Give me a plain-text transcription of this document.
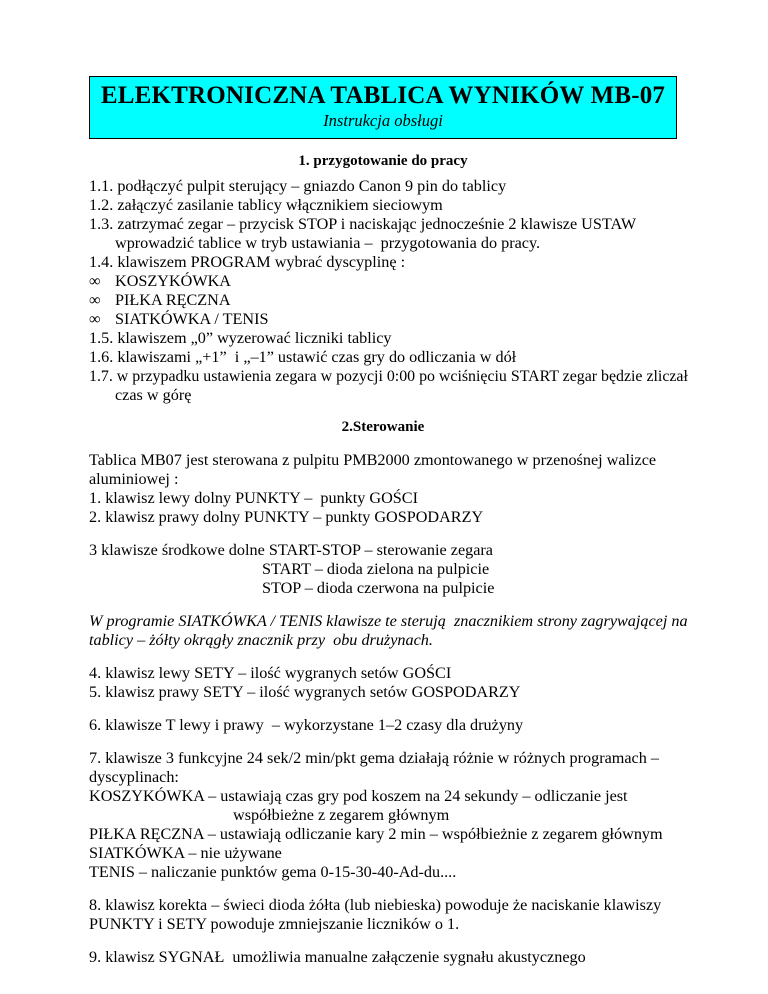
ELEKTRONICZNA TABLICA WYNIKÓW MB-07
Instrukcja obsługi
1. przygotowanie do pracy
1.1. podłączyć pulpit sterujący – gniazdo Canon 9 pin do tablicy
1.2. załączyć zasilanie tablicy włącznikiem sieciowym
1.3. zatrzymać zegar – przycisk STOP i naciskając jednocześnie 2 klawisze USTAW
wprowadzić tablice w tryb ustawiania –  przygotowania do pracy.
1.4. klawiszem PROGRAM wybrać dyscyplinę :
∞ KOSZYKÓWKA
∞ PIŁKA RĘCZNA
∞ SIATKÓWKA / TENIS
1.5. klawiszem „0” wyzerować liczniki tablicy
1.6. klawiszami „+1”  i „–1” ustawić czas gry do odliczania w dół
1.7. w przypadku ustawienia zegara w pozycji 0:00 po wciśnięciu START zegar będzie zliczał
czas w górę
2.Sterowanie
Tablica MB07 jest sterowana z pulpitu PMB2000 zmontowanego w przenośnej walizce
aluminiowej :
1. klawisz lewy dolny PUNKTY –  punkty GOŚCI
2. klawisz prawy dolny PUNKTY – punkty GOSPODARZY
3 klawisze środkowe dolne START-STOP – sterowanie zegara
START – dioda zielona na pulpicie
STOP – dioda czerwona na pulpicie
W programie SIATKÓWKA / TENIS klawisze te sterują  znacznikiem strony zagrywającej na
tablicy – żółty okrągły znacznik przy  obu drużynach.
4. klawisz lewy SETY – ilość wygranych setów GOŚCI
5. klawisz prawy SETY – ilość wygranych setów GOSPODARZY
6. klawisze T lewy i prawy  – wykorzystane 1–2 czasy dla drużyny
7. klawisze 3 funkcyjne 24 sek/2 min/pkt gema działają różnie w różnych programach –
dyscyplinach:
KOSZYKÓWKA – ustawiają czas gry pod koszem na 24 sekundy – odliczanie jest
współbieżne z zegarem głównym
PIŁKA RĘCZNA – ustawiają odliczanie kary 2 min – współbieżnie z zegarem głównym
SIATKÓWKA – nie używane
TENIS – naliczanie punktów gema 0-15-30-40-Ad-du....
8. klawisz korekta – świeci dioda żółta (lub niebieska) powoduje że naciskanie klawiszy
PUNKTY i SETY powoduje zmniejszanie liczników o 1.
9. klawisz SYGNAŁ  umożliwia manualne załączenie sygnału akustycznego
